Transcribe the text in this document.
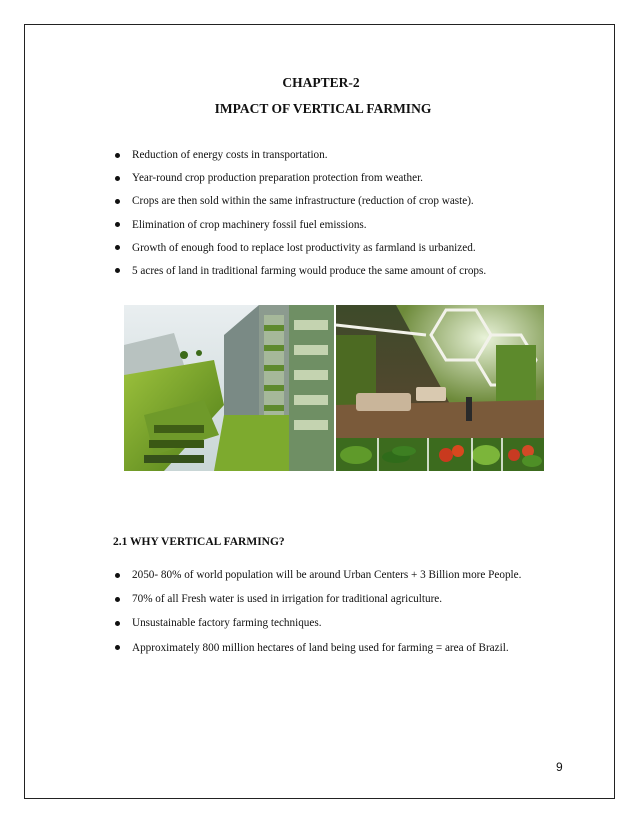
CHAPTER-2
IMPACT OF VERTICAL FARMING
Reduction of energy costs in transportation.
Year-round crop production preparation protection from weather.
Crops are then sold within the same infrastructure (reduction of crop waste).
Elimination of crop machinery fossil fuel emissions.
Growth of enough food to replace lost productivity as farmland is urbanized.
5 acres of land in traditional farming would produce the same amount of crops.
2.1 WHY VERTICAL FARMING?
2050- 80% of world population will be around Urban Centers + 3 Billion more People.
70% of all Fresh water is used in irrigation for traditional agriculture.
Unsustainable factory farming techniques.
Approximately 800 million hectares of land being used for farming = area of Brazil.
9
